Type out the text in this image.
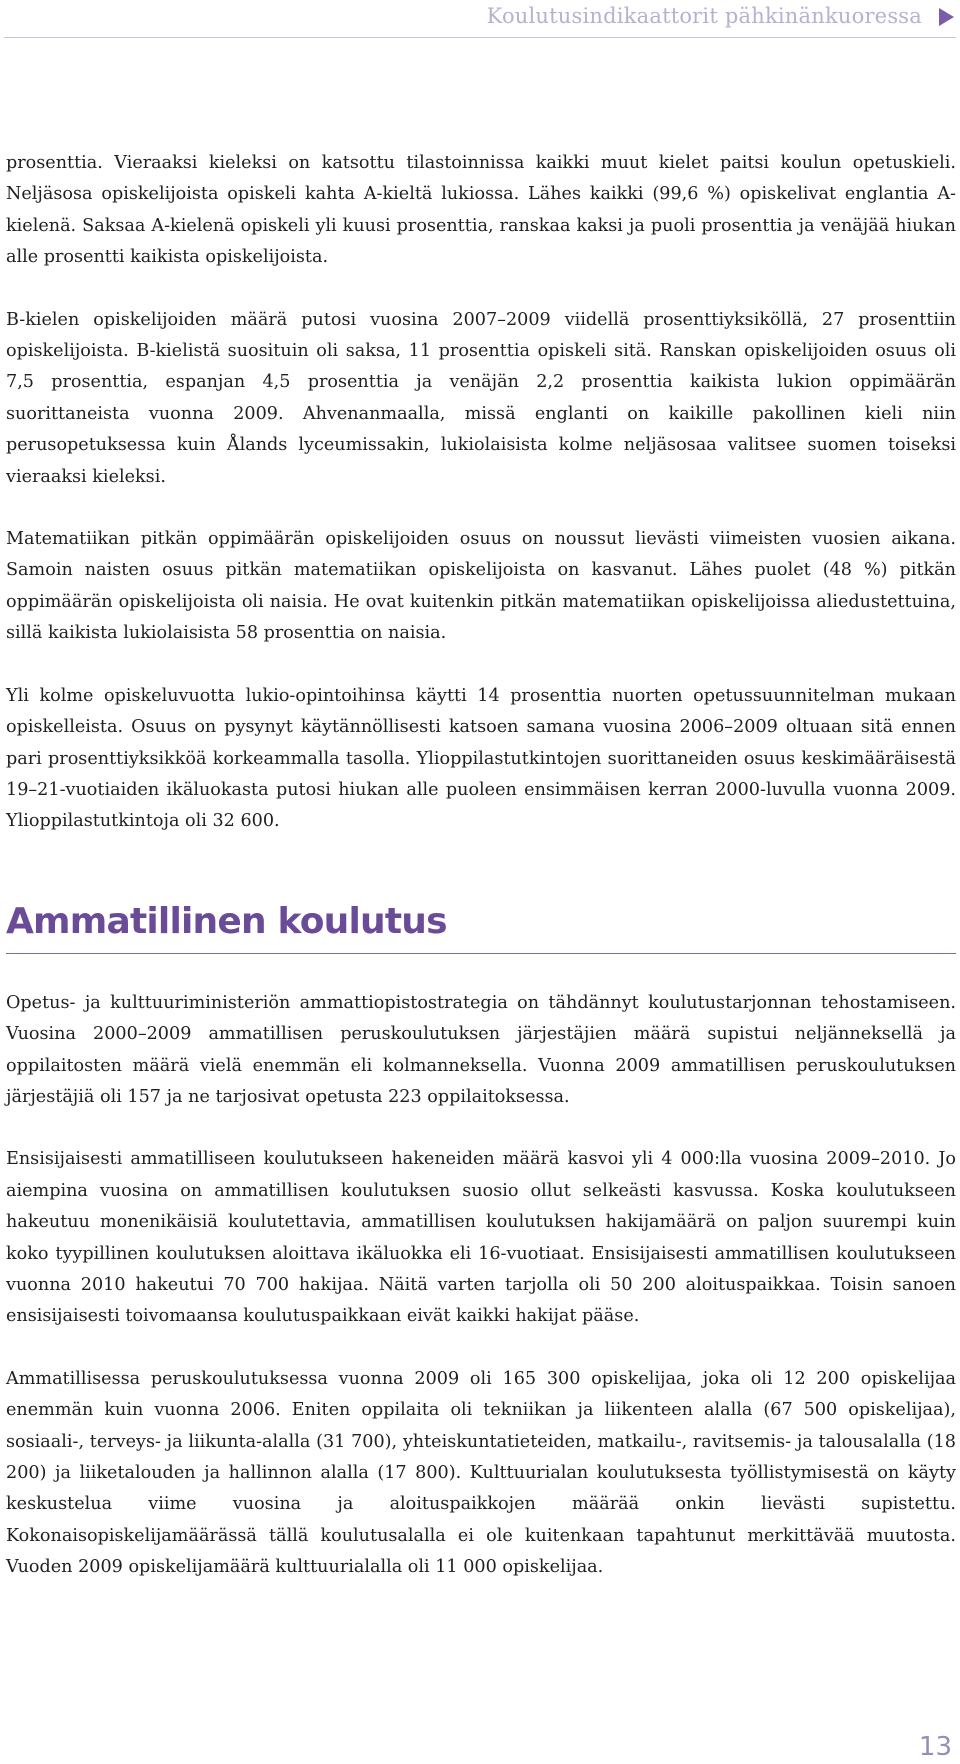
Koulutusindikaattorit pähkinänkuoressa

prosenttia. Vieraaksi kieleksi on katsottu tilastoinnissa kaikki muut kielet paitsi koulun opetuskieli. Neljäsosa opiskelijoista opiskeli kahta A-kieltä lukiossa. Lähes kaikki (99,6 %) opiskelivat englantia A-kielenä. Saksaa A-kielenä opiskeli yli kuusi prosenttia, ranskaa kaksi ja puoli prosenttia ja venäjää hiukan alle prosentti kaikista opiskelijoista.

B-kielen opiskelijoiden määrä putosi vuosina 2007–2009 viidellä prosenttiyksiköllä, 27 prosenttiin opiskelijoista. B-kielistä suosituin oli saksa, 11 prosenttia opiskeli sitä. Ranskan opiskelijoiden osuus oli 7,5 prosenttia, espanjan 4,5 prosenttia ja venäjän 2,2 prosenttia kaikista lukion oppimäärän suorittaneista vuonna 2009. Ahvenanmaalla, missä englanti on kaikille pakollinen kieli niin perusopetuksessa kuin Ålands lyceumissakin, lukiolaisista kolme neljäsosaa valitsee suomen toiseksi vieraaksi kieleksi.

Matematiikan pitkän oppimäärän opiskelijoiden osuus on noussut lievästi viimeisten vuosien aikana. Samoin naisten osuus pitkän matematiikan opiskelijoista on kasvanut. Lähes puolet (48 %) pitkän oppimäärän opiskelijoista oli naisia. He ovat kuitenkin pitkän matematiikan opiskelijoissa aliedustettuina, sillä kaikista lukiolaisista 58 prosenttia on naisia.

Yli kolme opiskeluvuotta lukio-opintoihinsa käytti 14 prosenttia nuorten opetussuunnitelman mukaan opiskelleista. Osuus on pysynyt käytännöllisesti katsoen samana vuosina 2006–2009 oltuaan sitä ennen pari prosenttiyksikköä korkeammalla tasolla. Ylioppilastutkintojen suorittaneiden osuus keskimääräisestä 19–21-vuotiaiden ikäluokasta putosi hiukan alle puoleen ensimmäisen kerran 2000-luvulla vuonna 2009. Ylioppilastutkintoja oli 32 600.

Ammatillinen koulutus

Opetus- ja kulttuuriministeriön ammattiopistostrategia on tähdännyt koulutustarjonnan tehostamiseen. Vuosina 2000–2009 ammatillisen peruskoulutuksen järjestäjien määrä supistui neljänneksellä ja oppilaitosten määrä vielä enemmän eli kolmanneksella. Vuonna 2009 ammatillisen peruskoulutuksen järjestäjiä oli 157 ja ne tarjosivat opetusta 223 oppilaitoksessa.

Ensisijaisesti ammatilliseen koulutukseen hakeneiden määrä kasvoi yli 4 000:lla vuosina 2009–2010. Jo aiempina vuosina on ammatillisen koulutuksen suosio ollut selkeästi kasvussa. Koska koulutukseen hakeutuu monenikäisiä koulutettavia, ammatillisen koulutuksen hakijamäärä on paljon suurempi kuin koko tyypillinen koulutuksen aloittava ikäluokka eli 16-vuotiaat. Ensisijaisesti ammatillisen koulutukseen vuonna 2010 hakeutui 70 700 hakijaa. Näitä varten tarjolla oli 50 200 aloituspaikkaa. Toisin sanoen ensisijaisesti toivomaansa koulutuspaikkaan eivät kaikki hakijat pääse.

Ammatillisessa peruskoulutuksessa vuonna 2009 oli 165 300 opiskelijaa, joka oli 12 200 opiskelijaa enemmän kuin vuonna 2006. Eniten oppilaita oli tekniikan ja liikenteen alalla (67 500 opiskelijaa), sosiaali-, terveys- ja liikunta-alalla (31 700), yhteiskuntatieteiden, matkailu-, ravitsemis- ja talousalalla (18 200) ja liiketalouden ja hallinnon alalla (17 800). Kulttuurialan koulutuksesta työllistymisestä on käyty keskustelua viime vuosina ja aloituspaikkojen määrää onkin lievästi supistettu. Kokonaisopiskelijamäärässä tällä koulutusalalla ei ole kuitenkaan tapahtunut merkittävää muutosta. Vuoden 2009 opiskelijamäärä kulttuurialalla oli 11 000 opiskelijaa.

13
